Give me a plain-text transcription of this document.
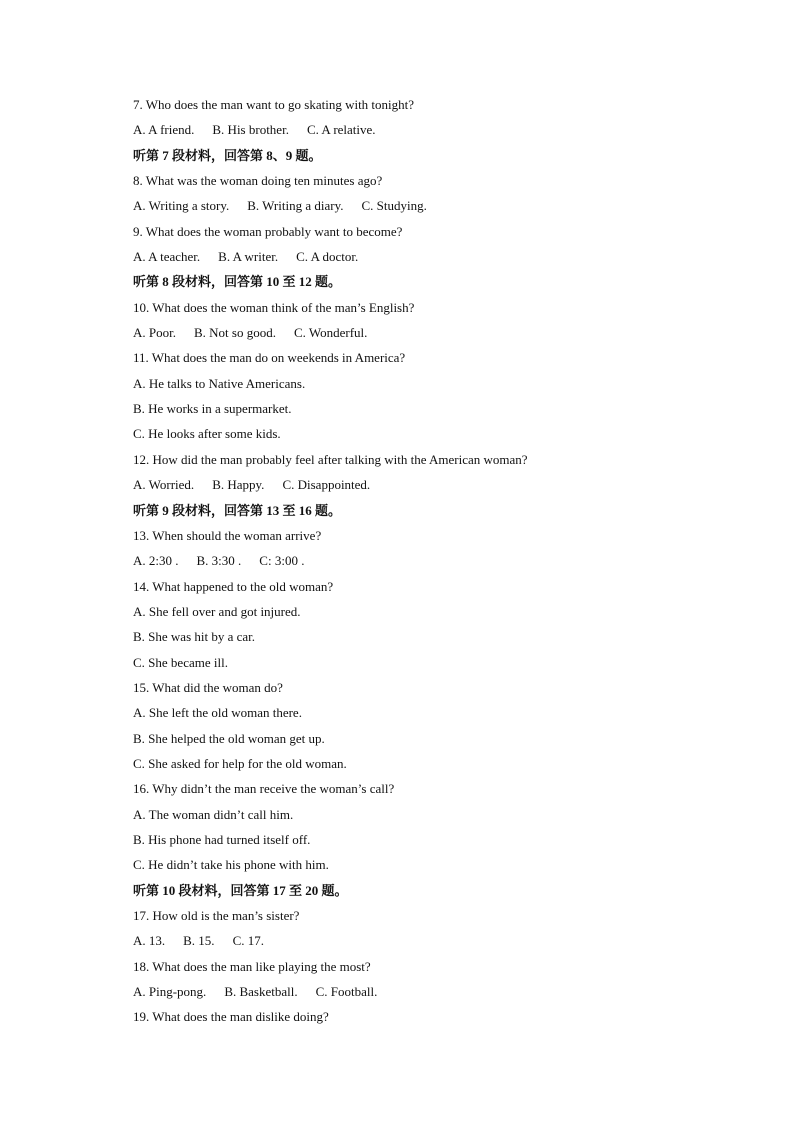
7. Who does the man want to go skating with tonight?
A. A friend. B. His brother. C. A relative.
听第 7 段材料，回答第 8、9 题。
8. What was the woman doing ten minutes ago?
A. Writing a story. B. Writing a diary. C. Studying.
9. What does the woman probably want to become?
A. A teacher. B. A writer. C. A doctor.
听第 8 段材料，回答第 10 至 12 题。
10. What does the woman think of the man’s English?
A. Poor. B. Not so good. C. Wonderful.
11. What does the man do on weekends in America?
A. He talks to Native Americans.
B. He works in a supermarket.
C. He looks after some kids.
12. How did the man probably feel after talking with the American woman?
A. Worried. B. Happy. C. Disappointed.
听第 9 段材料，回答第 13 至 16 题。
13. When should the woman arrive?
A. 2:30 . B. 3:30 . C: 3:00 .
14. What happened to the old woman?
A. She fell over and got injured.
B. She was hit by a car.
C. She became ill.
15. What did the woman do?
A. She left the old woman there.
B. She helped the old woman get up.
C. She asked for help for the old woman.
16. Why didn’t the man receive the woman’s call?
A. The woman didn’t call him.
B. His phone had turned itself off.
C. He didn’t take his phone with him.
听第 10 段材料，回答第 17 至 20 题。
17. How old is the man’s sister?
A. 13. B. 15. C. 17.
18. What does the man like playing the most?
A. Ping-pong. B. Basketball. C. Football.
19. What does the man dislike doing?
